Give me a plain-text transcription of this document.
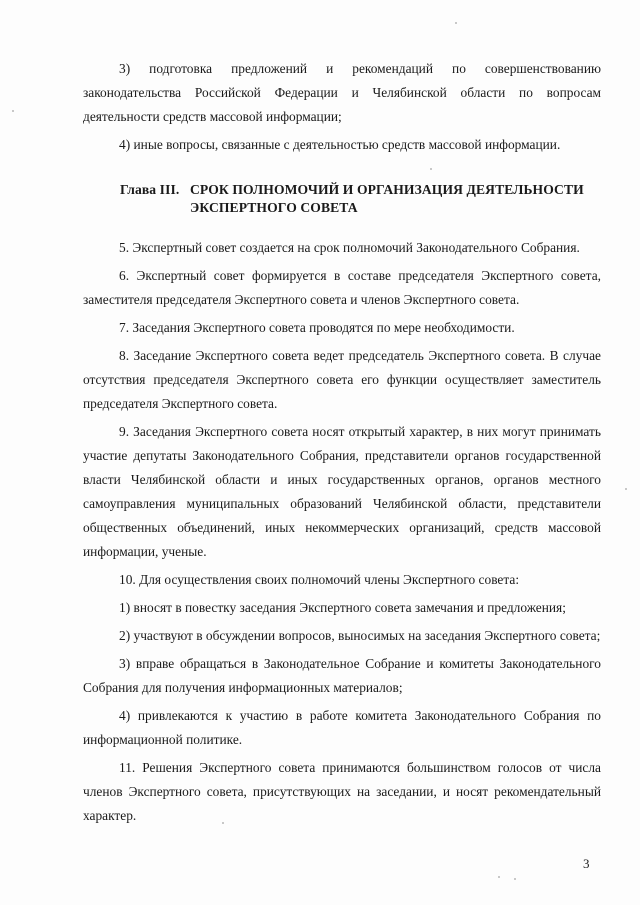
3) подготовка предложений и рекомендаций по совершенствованию законодательства Российской Федерации и Челябинской области по вопросам деятельности средств массовой информации;

4) иные вопросы, связанные с деятельностью средств массовой информации.

Глава III. СРОК ПОЛНОМОЧИЙ И ОРГАНИЗАЦИЯ ДЕЯТЕЛЬНОСТИ
ЭКСПЕРТНОГО СОВЕТА

5. Экспертный совет создается на срок полномочий Законодательного Собрания.

6. Экспертный совет формируется в составе председателя Экспертного совета, заместителя председателя Экспертного совета и членов Экспертного совета.

7. Заседания Экспертного совета проводятся по мере необходимости.

8. Заседание Экспертного совета ведет председатель Экспертного совета. В случае отсутствия председателя Экспертного совета его функции осуществляет заместитель председателя Экспертного совета.

9. Заседания Экспертного совета носят открытый характер, в них могут принимать участие депутаты Законодательного Собрания, представители органов государственной власти Челябинской области и иных государственных органов, органов местного самоуправления муниципальных образований Челябинской области, представители общественных объединений, иных некоммерческих организаций, средств массовой информации, ученые.

10. Для осуществления своих полномочий члены Экспертного совета:

1) вносят в повестку заседания Экспертного совета замечания и предложения;

2) участвуют в обсуждении вопросов, выносимых на заседания Экспертного совета;

3) вправе обращаться в Законодательное Собрание и комитеты Законодательного Собрания для получения информационных материалов;

4) привлекаются к участию в работе комитета Законодательного Собрания по информационной политике.

11. Решения Экспертного совета принимаются большинством голосов от числа членов Экспертного совета, присутствующих на заседании, и носят рекомендательный характер.

3
